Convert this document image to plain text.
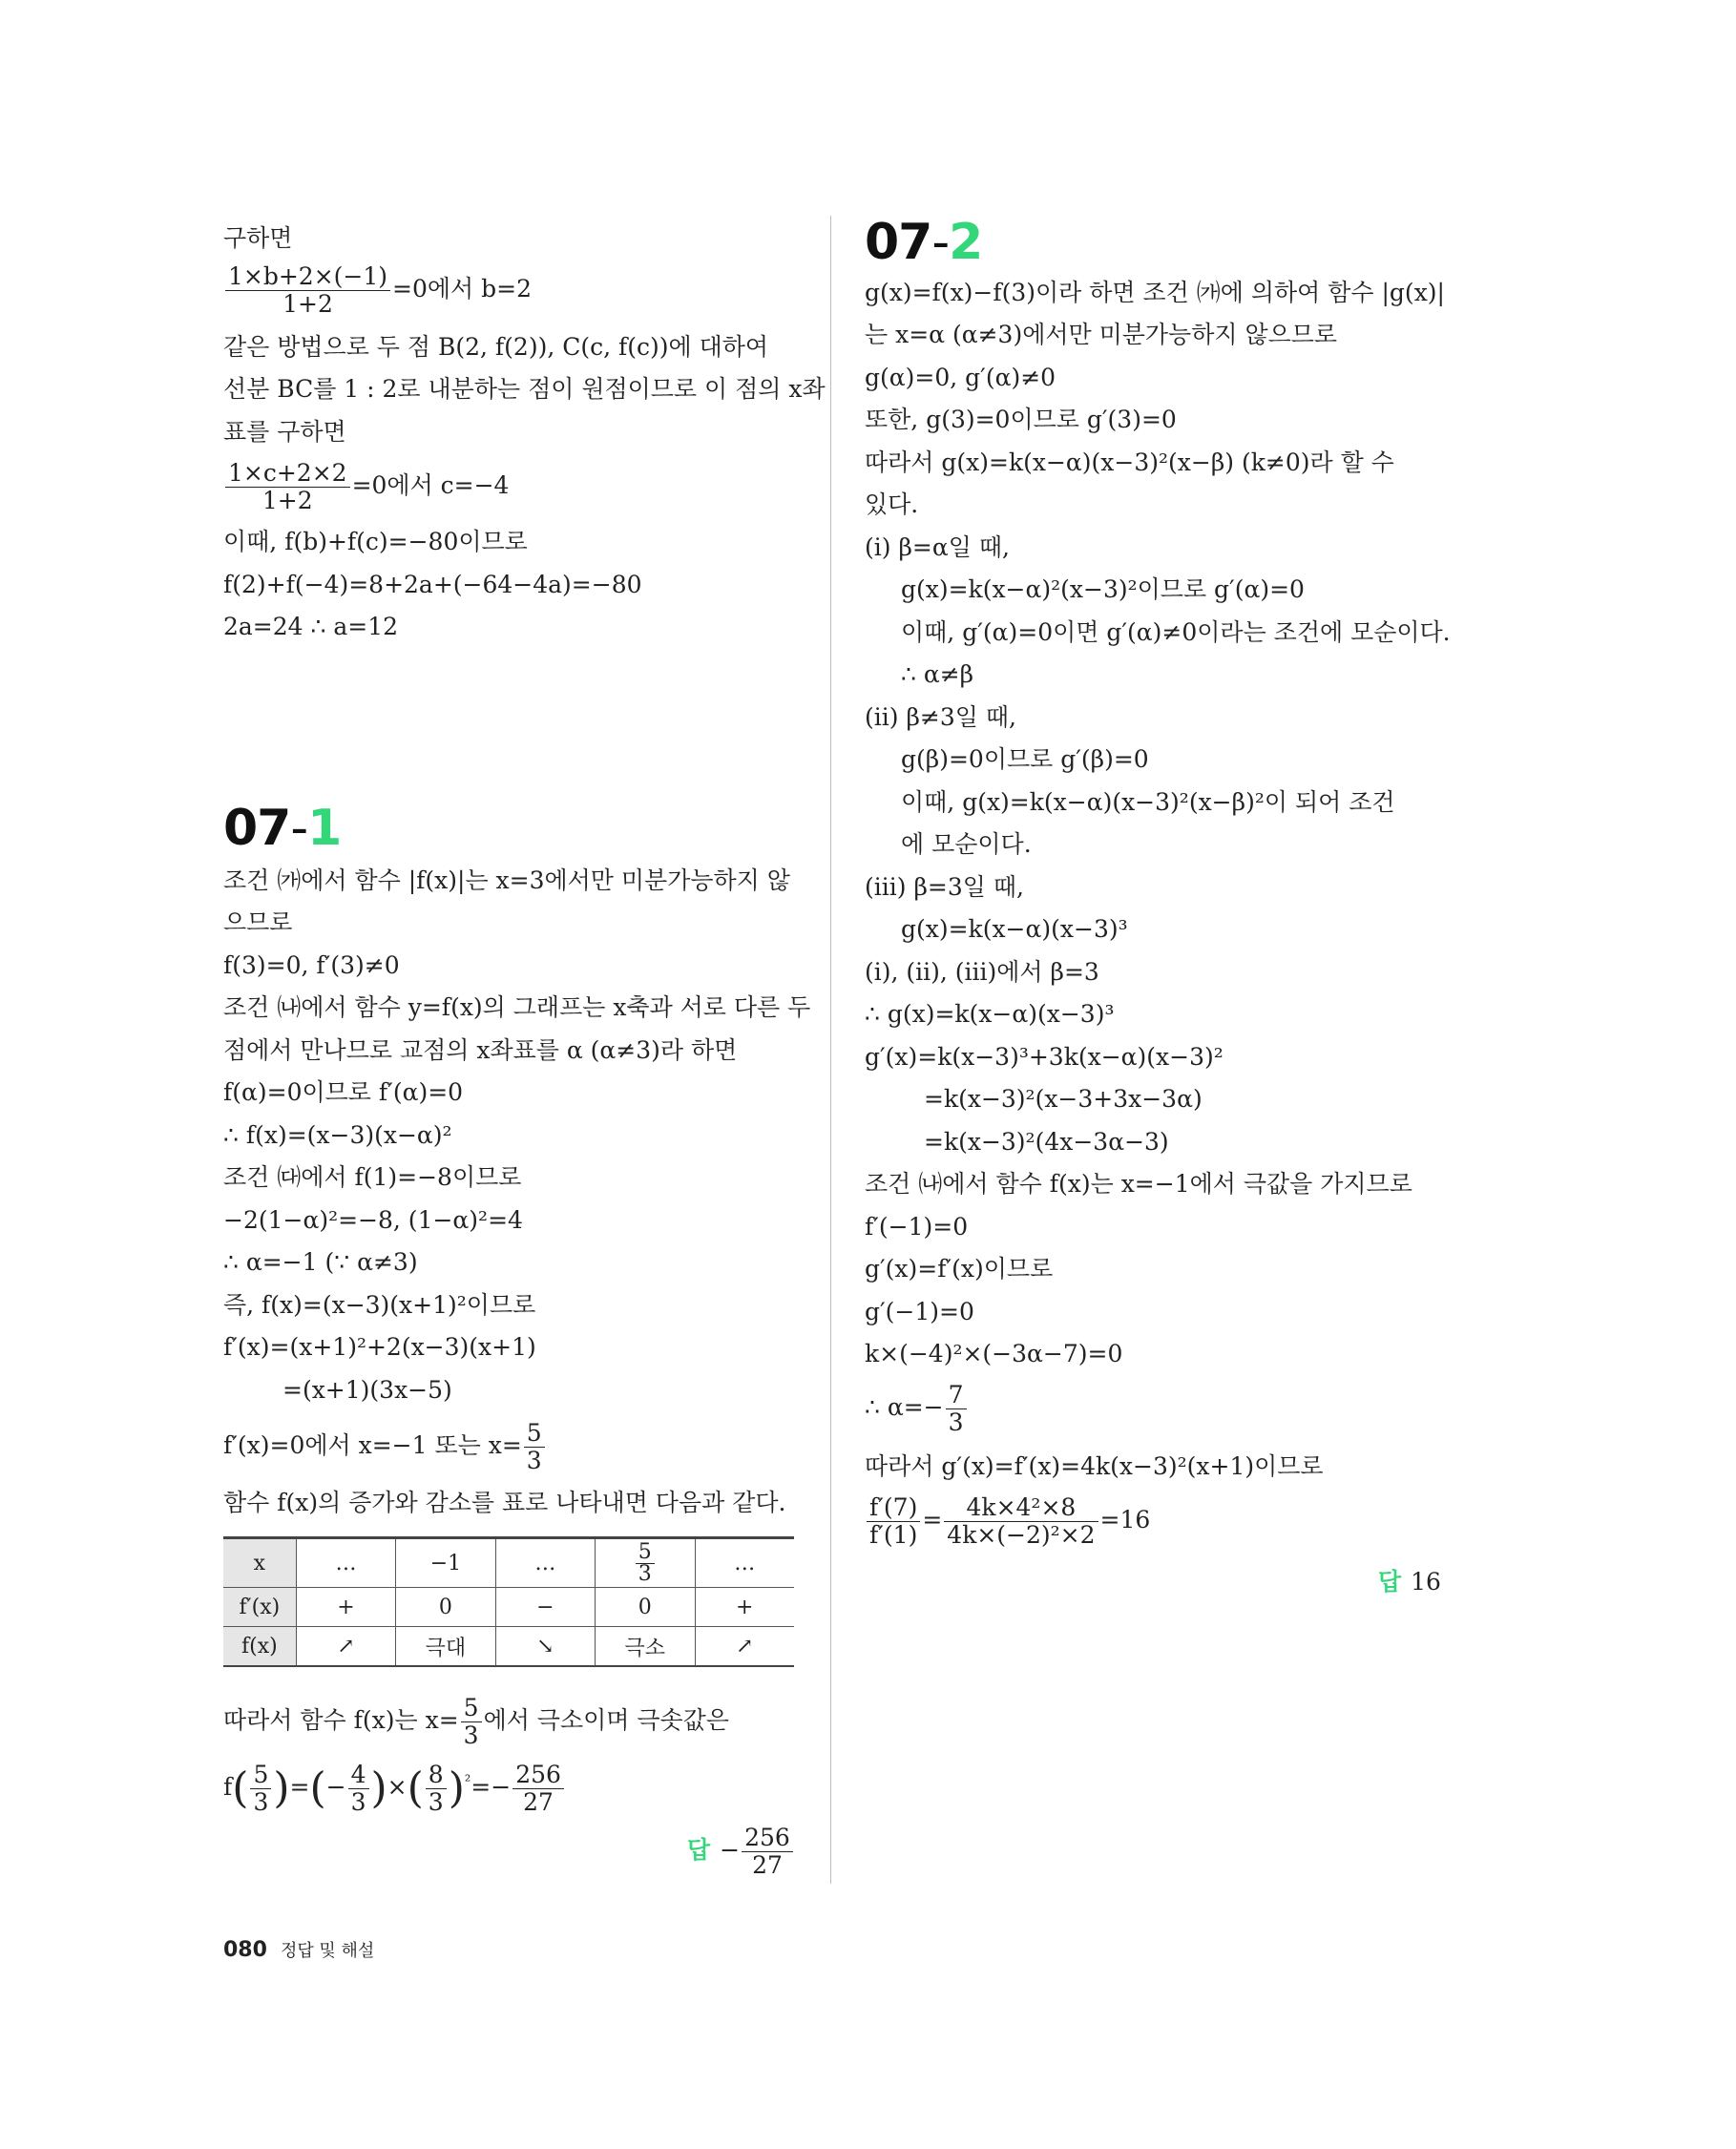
구하면
$\frac{1\times b+2\times(-1)}{1+2} =0$에서 b=2
같은 방법으로 두 점 B(2, f(2)), C(c, f(c))에 대하여
선분 BC를 1 : 2로 내분하는 점이 원점이므로 이 점의 x좌
표를 구하면
$\frac{1\times c+2\times 2}{1+2} =0$에서 c=−4
이때, f(b)+f(c)=−80이므로
f(2)+f(−4)=8+2a+(−64−4a)=−80
2a=24 ∴ a=12
07-1
조건 ㈎에서 함수 |f(x)|는 x=3에서만 미분가능하지 않
으므로
f(3)=0, f′(3)≠0
조건 ㈏에서 함수 y=f(x)의 그래프는 x축과 서로 다른 두
점에서 만나므로 교점의 x좌표를 α (α≠3)라 하면
f(α)=0이므로 f′(α)=0
∴ f(x)=(x−3)(x−α)²
조건 ㈐에서 f(1)=−8이므로
−2(1−α)²=−8, (1−α)²=4
∴ α=−1 (∵ α≠3)
즉, f(x)=(x−3)(x+1)²이므로
f′(x)=(x+1)²+2(x−3)(x+1)
=(x+1)(3x−5)
f′(x)=0에서 x=−1 또는 $x= \frac{5}{3}$
함수 f(x)의 증가와 감소를 표로 나타내면 다음과 같다.
x	…	−1	…	$\frac{5}{3}$	…
f′(x)	+	0	−	0	+
f(x)	↗	극대	↘	극소	↗
따라서 함수 f(x)는 $x= \frac{5}{3}$ 에서 극소이며 극솟값은
$f( \frac{5}{3}$ )=(− $\frac{4}{3}$ )×( $\frac{8}{3} )^{^2}=- \frac{256}{27}$
답 − $\frac{256}{27}$
07-2
g(x)=f(x)−f(3)이라 하면 조건 ㈎에 의하여 함수 |g(x)|
는 x=α (α≠3)에서만 미분가능하지 않으므로
g(α)=0, g′(α)≠0
또한, g(3)=0이므로 g′(3)=0
따라서 g(x)=k(x−α)(x−3)²(x−β) (k≠0)라 할 수
있다.
(ⅰ) β=α일 때,
g(x)=k(x−α)²(x−3)²이므로 g′(α)=0
이때, g′(α)=0이면 g′(α)≠0이라는 조건에 모순이다.
∴ α≠β
(ⅱ) β≠3일 때,
g(β)=0이므로 g′(β)=0
이때, g(x)=k(x−α)(x−3)²(x−β)²이 되어 조건
에 모순이다.
(ⅲ) β=3일 때,
g(x)=k(x−α)(x−3)³
(ⅰ), (ⅱ), (ⅲ)에서 β=3
∴ g(x)=k(x−α)(x−3)³
g′(x)=k(x−3)³+3k(x−α)(x−3)²
=k(x−3)²(x−3+3x−3α)
=k(x−3)²(4x−3α−3)
조건 ㈏에서 함수 f(x)는 x=−1에서 극값을 가지므로
f′(−1)=0
g′(x)=f′(x)이므로
g′(−1)=0
k×(−4)²×(−3α−7)=0
∴ $\alpha=- \frac{7}{3}$
따라서 g′(x)=f′(x)=4k(x−3)²(x+1)이므로
$\frac{f'(7)}{f'(1)} = \frac{\text{4k×4²×8}}{\text{4k×(−2)²×2}} =16$
답 16
080 정답 및 해설
